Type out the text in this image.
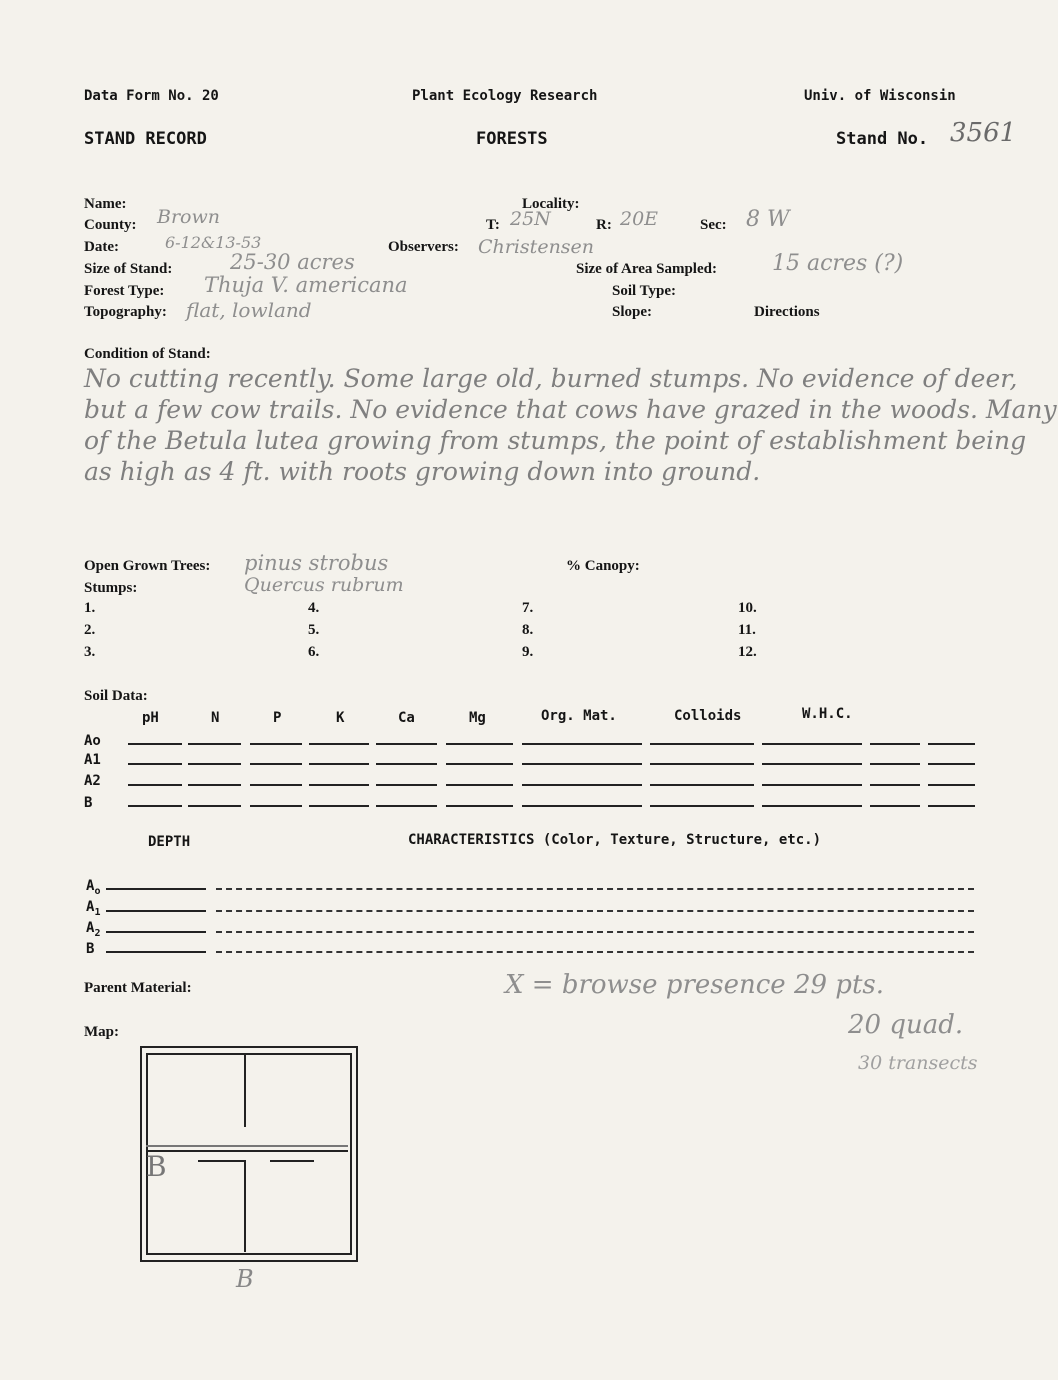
Data Form No. 20	Plant Ecology Research	Univ. of Wisconsin
STAND RECORD	FORESTS	Stand No. 3561
Name:
County: Brown
Date:	6-12&13-53
Size of Stand:	25-30 acres
Forest Type: Thuja V. americana
Topography: flat, lowland
Locality:
T: 25N	R: 20E	Sec: 8 W
Observers: Christensen
Size of Area Sampled:	15 acres (?)
Soil Type:
Slope:	Directions
Condition of Stand:
No cutting recently. Some large old, burned stumps. No evidence of deer, but a few cow trails. No evidence that cows have grazed in the woods. Many of the Betula lutea growing from stumps, the point of establishment being as high as 4 ft. with roots growing down into ground.
Open Grown Trees: pinus strobus
Quercus rubrum
% Canopy:
Stumps:
1.
2.
3.
4.
5.
6.
7.
8.
9.
10.
11.
12.
Soil Data:
pH	N	P	K	Ca	Mg	Org. Mat.	Colloids	W.H.C.
Ao
A1
A2
B
DEPTH	CHARACTERISTICS (Color, Texture, Structure, etc.)
$A_o$
$A_1$
$A_2$
B
Parent Material:	X = browse presence 29 pts.
20 quad.
30 transects
Map:
B
B
